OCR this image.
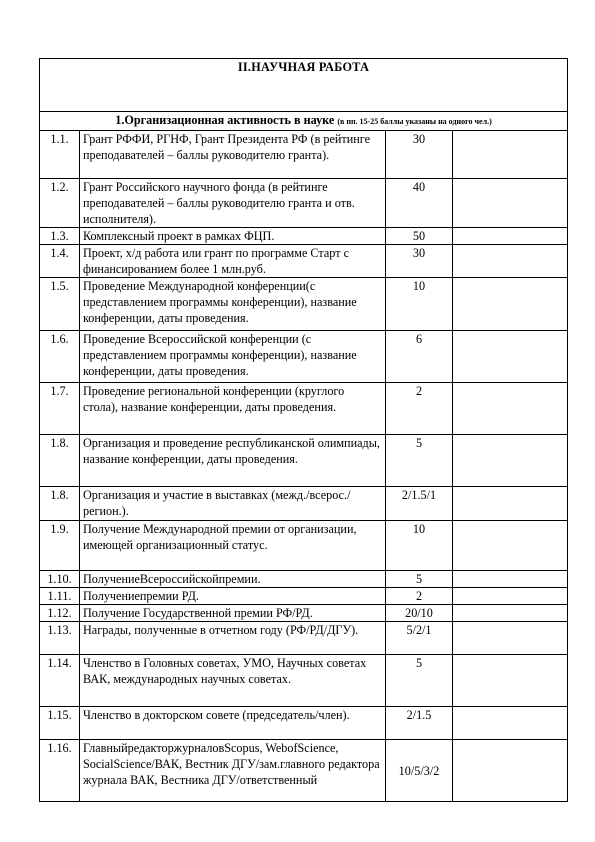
II.НАУЧНАЯ РАБОТА			
1.Организационная активность в науке (в пп. 15-25 баллы указаны на одного чел.)			
1.1.	Грант РФФИ, РГНФ, Грант Президента РФ (в рейтинге преподавателей – баллы руководителю гранта).	30	
1.2.	Грант Российского научного фонда (в рейтинге преподавателей – баллы руководителю гранта и отв. исполнителя).	40	
1.3.	Комплексный проект в рамках ФЦП.	50	
1.4.	Проект, х/д работа или грант по программе Старт с финансированием более 1 млн.руб.	30	
1.5.	Проведение Международной конференции(с представлением программы конференции), название конференции, даты проведения.	10	
1.6.	Проведение Всероссийской конференции (с представлением программы конференции), название конференции, даты проведения.	6	
1.7.	Проведение региональной конференции (круглого стола), название конференции, даты проведения.	2	
1.8.	Организация и проведение республиканской олимпиады, название конференции, даты проведения.	5	
1.8.	Организация и участие в выставках (межд./всерос./регион.).	2/1.5/1	
1.9.	Получение Международной премии от организации, имеющей организационный статус.	10	
1.10.	ПолучениеВсероссийскойпремии.	5	
1.11.	Получениепремии РД.	2	
1.12.	Получение Государственной премии РФ/РД.	20/10	
1.13.	Награды, полученные в отчетном году (РФ/РД/ДГУ).	5/2/1	
1.14.	Членство в Головных советах, УМО, Научных советах ВАК, международных научных советах.	5	
1.15.	Членство в докторском совете (председатель/член).	2/1.5	
1.16.	ГлавныйредакторжурналовScopus, WebofScience, SocialScience/ВАК, Вестник ДГУ/зам.главного редактора журнала ВАК, Вестника ДГУ/ответственный	10/5/3/2	
